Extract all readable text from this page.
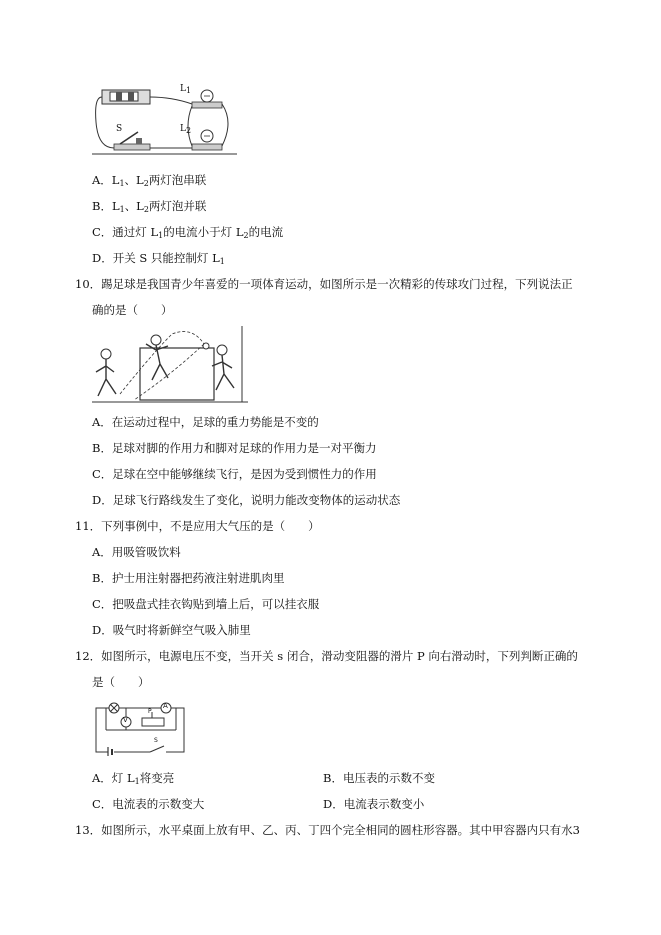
$L_1$
$L_2$
S
A．$L_1$、$L_2$两灯泡串联
B．$L_1$、$L_2$两灯泡并联
C．通过灯 $L_1$的电流小于灯 $L_2$的电流
D．开关 S 只能控制灯 $L_1$
10．踢足球是我国青少年喜爱的一项体育运动，如图所示是一次精彩的传球攻门过程，下列说法正
确的是（　　）
A．在运动过程中，足球的重力势能是不变的
B．足球对脚的作用力和脚对足球的作用力是一对平衡力
C．足球在空中能够继续飞行，是因为受到惯性力的作用
D．足球飞行路线发生了变化，说明力能改变物体的运动状态
11．下列事例中，不是应用大气压的是（　　）
A．用吸管吸饮料
B．护士用注射器把药液注射进肌肉里
C．把吸盘式挂衣钩贴到墙上后，可以挂衣服
D．吸气时将新鲜空气吸入肺里
12．如图所示，电源电压不变，当开关 s 闭合，滑动变阻器的滑片 P 向右滑动时，下列判断正确的
是（　　）
V
A
P
S
A．灯 $L_1$将变亮	B．电压表的示数不变
C．电流表的示数变大	D．电流表示数变小
13．如图所示，水平桌面上放有甲、乙、丙、丁四个完全相同的圆柱形容器。其中甲容器内只有水3
